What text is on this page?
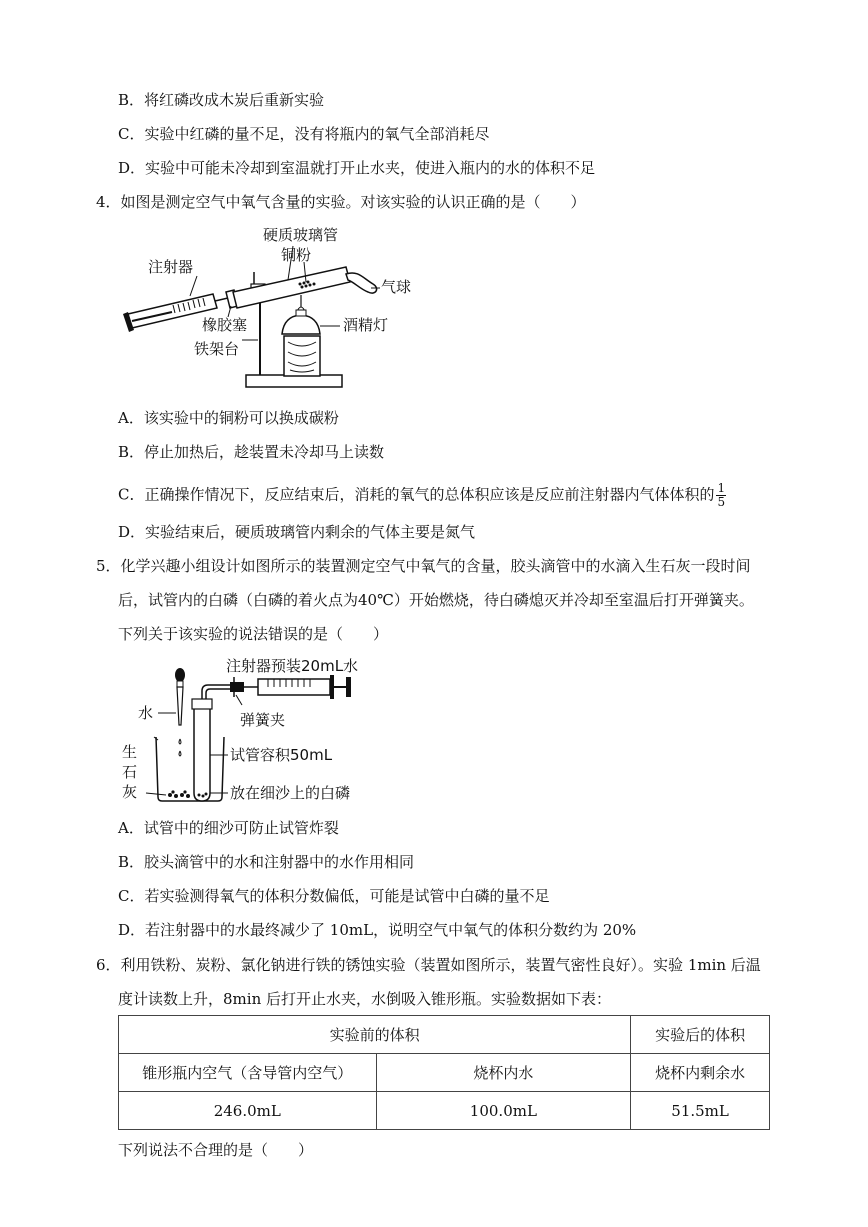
B．将红磷改成木炭后重新实验
C．实验中红磷的量不足，没有将瓶内的氧气全部消耗尽
D．实验中可能未冷却到室温就打开止水夹，使进入瓶内的水的体积不足
4．如图是测定空气中氧气含量的实验。对该实验的认识正确的是（　　）
硬质玻璃管
注射器
铜粉
气球
橡胶塞	酒精灯
铁架台
A．该实验中的铜粉可以换成碳粉
B．停止加热后，趁装置未冷却马上读数
C．正确操作情况下，反应结束后，消耗的氧气的总体积应该是反应前注射器内气体体积的 $\frac{1}{5}$
D．实验结束后，硬质玻璃管内剩余的气体主要是氮气
5．化学兴趣小组设计如图所示的装置测定空气中氧气的含量，胶头滴管中的水滴入生石灰一段时间
后，试管内的白磷（白磷的着火点为40℃）开始燃烧，待白磷熄灭并冷却至室温后打开弹簧夹。
下列关于该实验的说法错误的是（　　）
注射器预装20mL水
水	弹簧夹
生
石
灰
试管容积50mL
放在细沙上的白磷
A．试管中的细沙可防止试管炸裂
B．胶头滴管中的水和注射器中的水作用相同
C．若实验测得氧气的体积分数偏低，可能是试管中白磷的量不足
D．若注射器中的水最终减少了 10mL，说明空气中氧气的体积分数约为 20%
6．利用铁粉、炭粉、氯化钠进行铁的锈蚀实验（装置如图所示，装置气密性良好）。实验 1min 后温
度计读数上升，8min 后打开止水夹，水倒吸入锥形瓶。实验数据如下表：
实验前的体积		实验后的体积
锥形瓶内空气（含导管内空气）	烧杯内水	烧杯内剩余水
246.0mL	100.0mL	51.5mL
下列说法不合理的是（　　）
